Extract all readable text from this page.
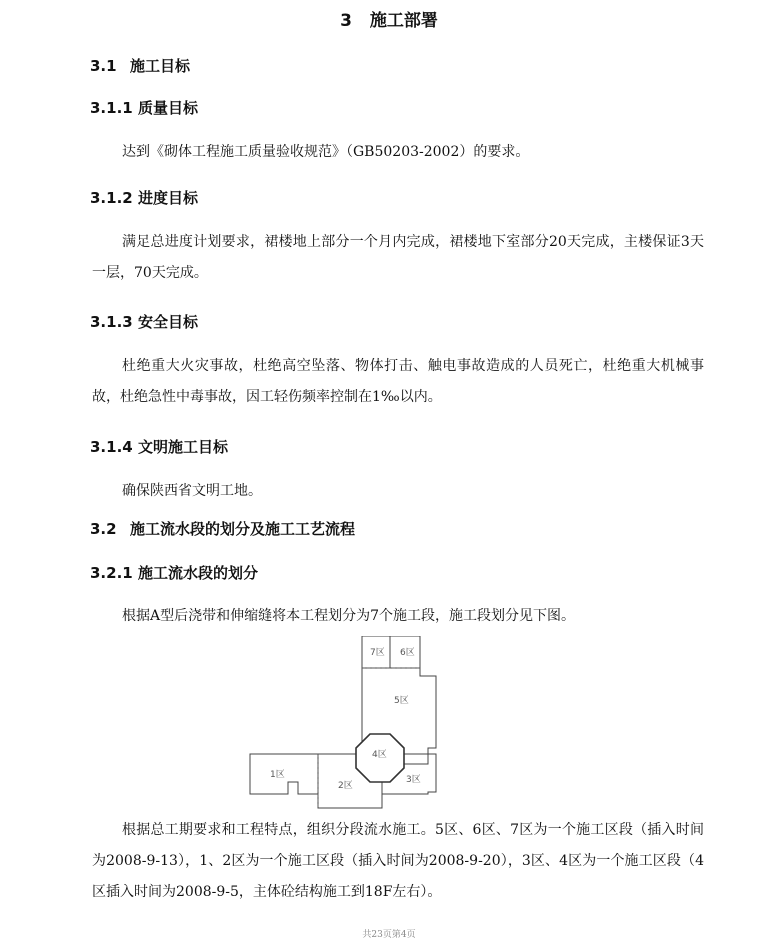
3 施工部署
3.1 施工目标
3.1.1 质量目标
达到《砌体工程施工质量验收规范》（GB50203-2002）的要求。
3.1.2 进度目标
满足总进度计划要求，裙楼地上部分一个月内完成，裙楼地下室部分20天完成，主楼保证3天一层，70天完成。
3.1.3 安全目标
杜绝重大火灾事故，杜绝高空坠落、物体打击、触电事故造成的人员死亡，杜绝重大机械事故，杜绝急性中毒事故，因工轻伤频率控制在1‰以内。
3.1.4 文明施工目标
确保陕西省文明工地。
3.2 施工流水段的划分及施工工艺流程
3.2.1 施工流水段的划分
根据A型后浇带和伸缩缝将本工程划分为7个施工段，施工段划分见下图。
7区 6区
5区
4区
3区
1区
2区
根据总工期要求和工程特点，组织分段流水施工。5区、6区、7区为一个施工区段（插入时间为2008-9-13），1、2区为一个施工区段（插入时间为2008-9-20），3区、4区为一个施工区段（4区插入时间为2008-9-5，主体砼结构施工到18F左右）。
共23页第4页
